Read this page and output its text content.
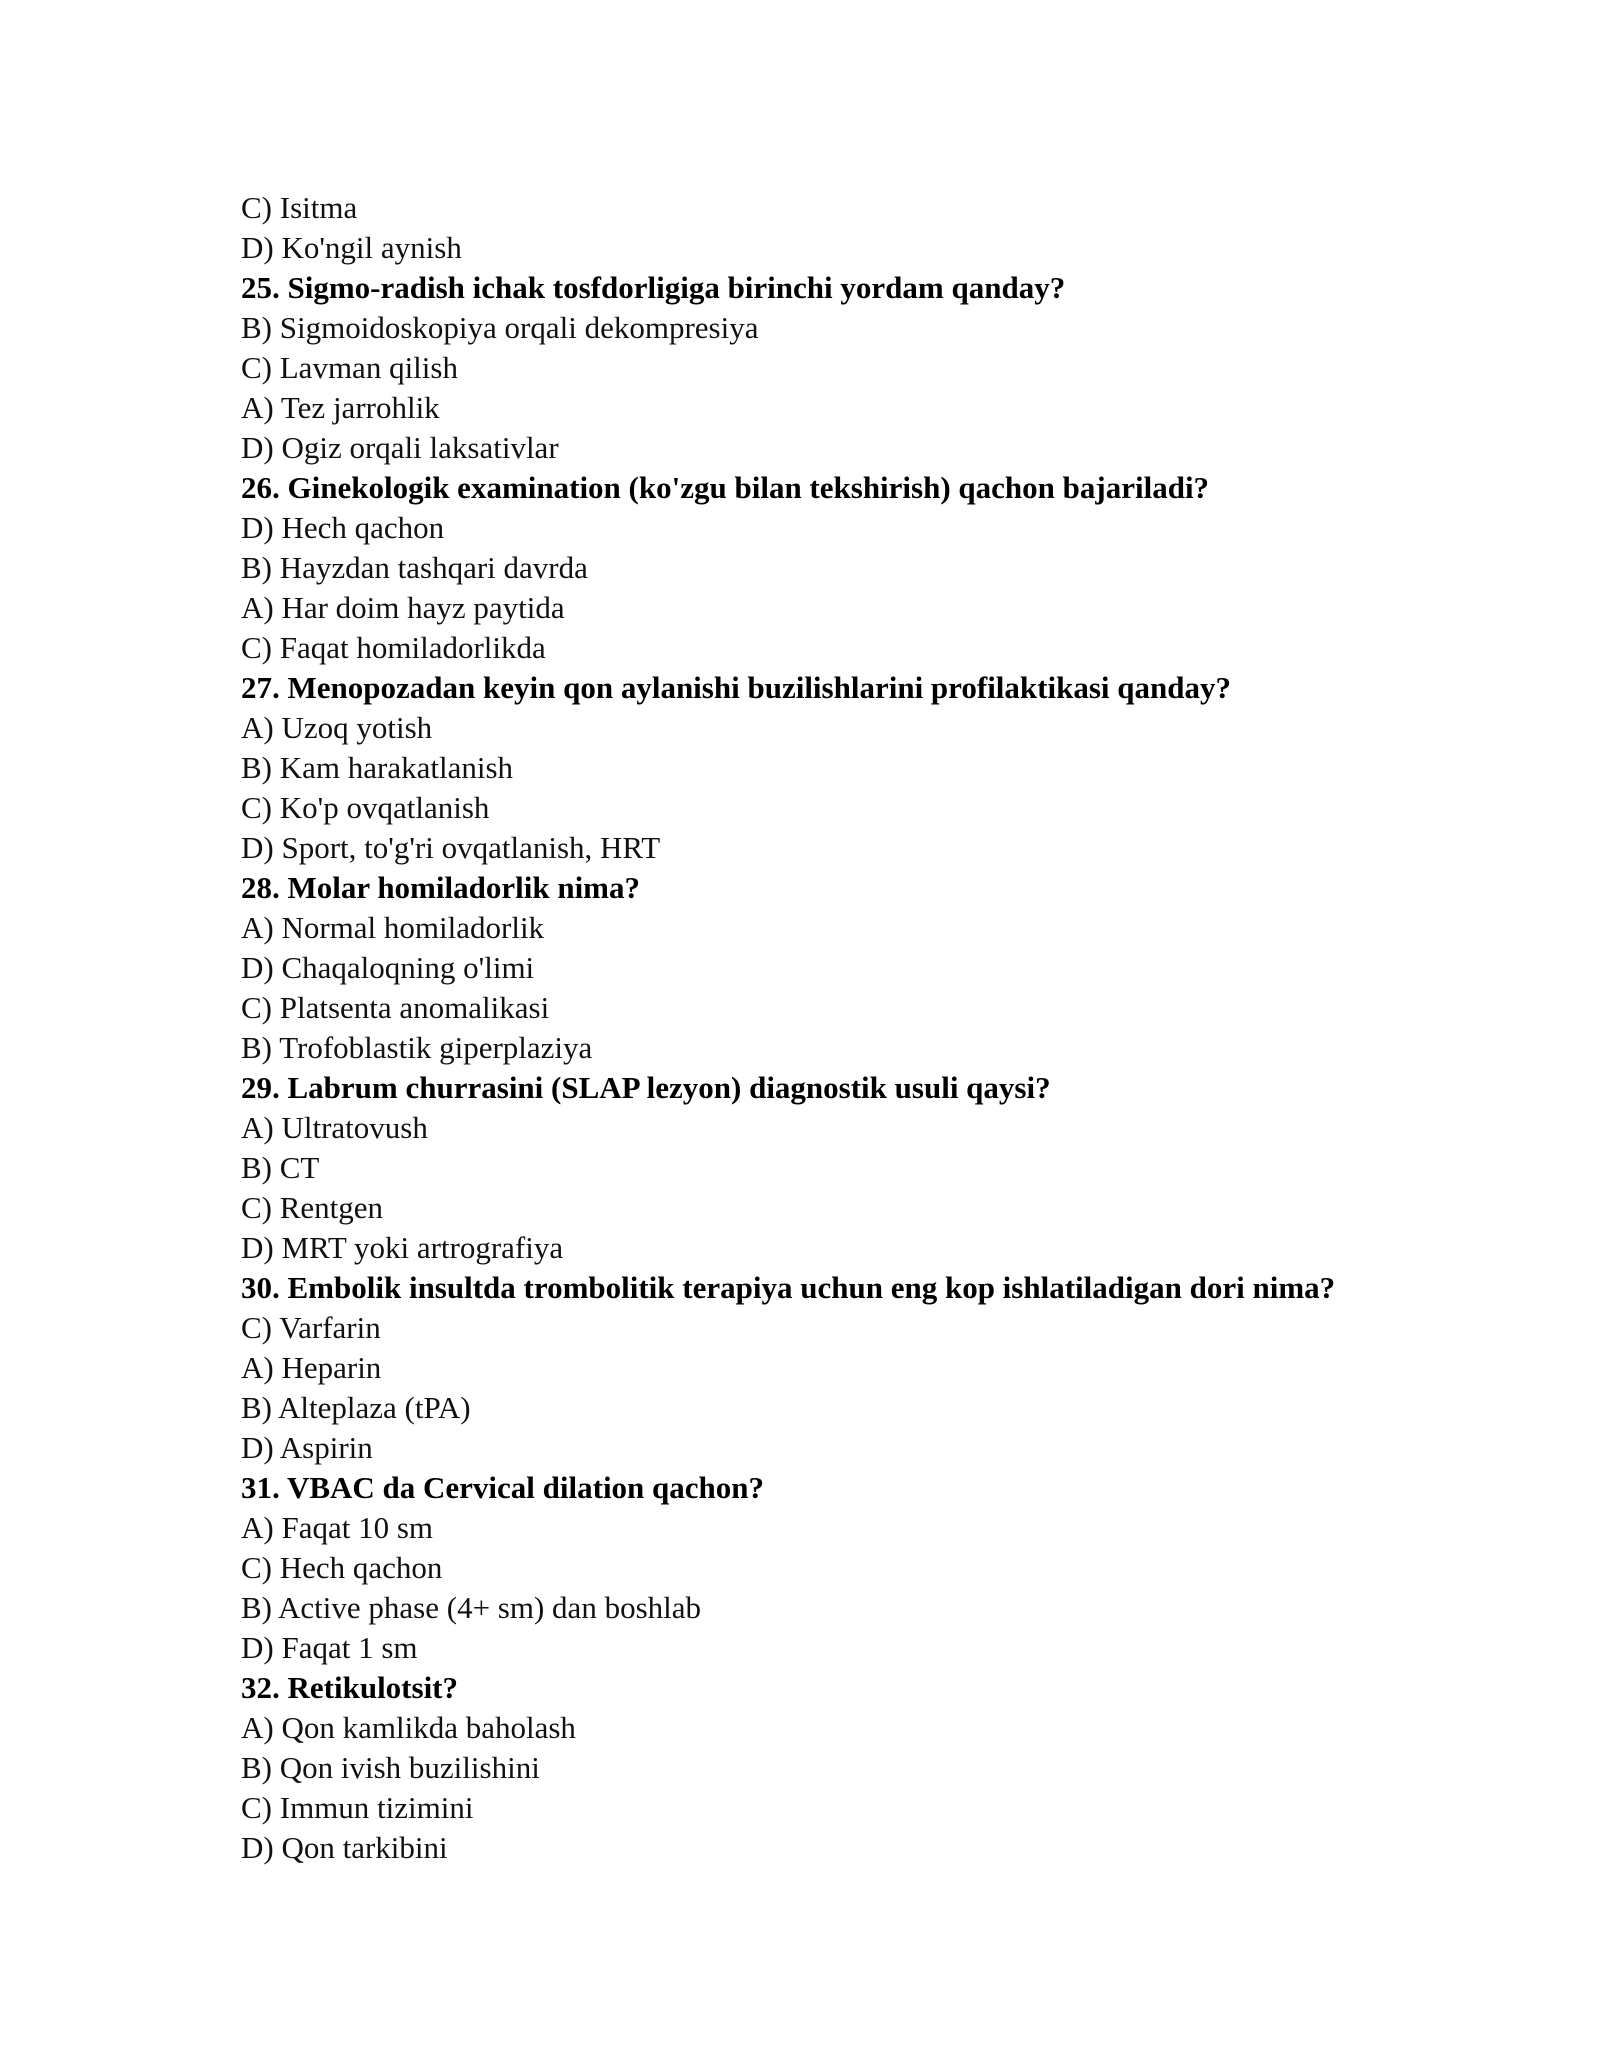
C) Isitma
D) Ko'ngil aynish
25. Sigmo-radish ichak tosfdorligiga birinchi yordam qanday?
B) Sigmoidoskopiya orqali dekompresiya
C) Lavman qilish
A) Tez jarrohlik
D) Ogiz orqali laksativlar
26. Ginekologik examination (ko'zgu bilan tekshirish) qachon bajariladi?
D) Hech qachon
B) Hayzdan tashqari davrda
A) Har doim hayz paytida
C) Faqat homiladorlikda
27. Menopozadan keyin qon aylanishi buzilishlarini profilaktikasi qanday?
A) Uzoq yotish
B) Kam harakatlanish
C) Ko'p ovqatlanish
D) Sport, to'g'ri ovqatlanish, HRT
28. Molar homiladorlik nima?
A) Normal homiladorlik
D) Chaqaloqning o'limi
C) Platsenta anomalikasi
B) Trofoblastik giperplaziya
29. Labrum churrasini (SLAP lezyon) diagnostik usuli qaysi?
A) Ultratovush
B) CT
C) Rentgen
D) MRT yoki artrografiya
30. Embolik insultda trombolitik terapiya uchun eng kop ishlatiladigan dori nima?
C) Varfarin
A) Heparin
B) Alteplaza (tPA)
D) Aspirin
31. VBAC da Cervical dilation qachon?
A) Faqat 10 sm
C) Hech qachon
B) Active phase (4+ sm) dan boshlab
D) Faqat 1 sm
32. Retikulotsit?
A) Qon kamlikda baholash
B) Qon ivish buzilishini
C) Immun tizimini
D) Qon tarkibini
